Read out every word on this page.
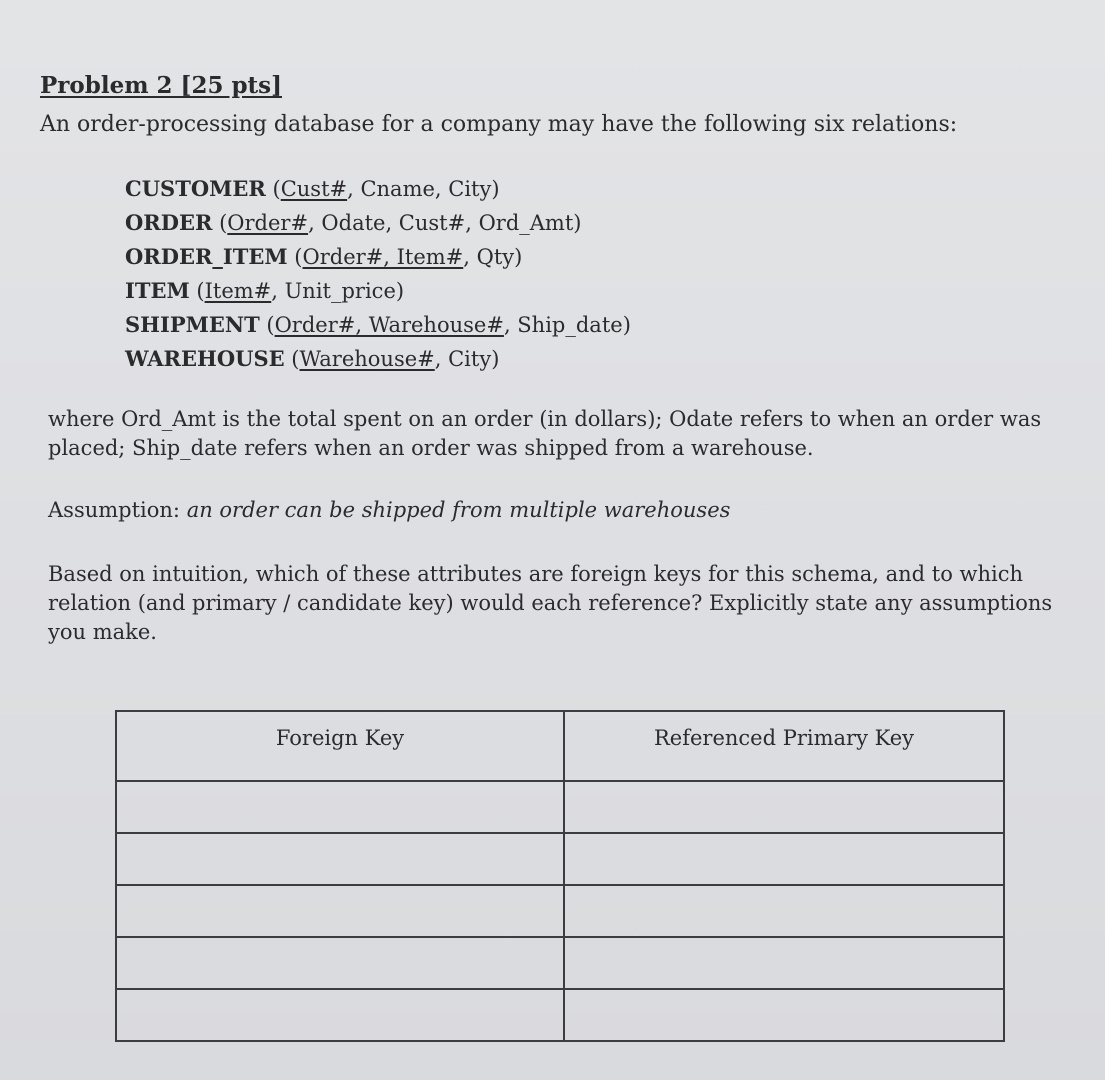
Problem 2 [25 pts]

An order-processing database for a company may have the following six relations:

CUSTOMER (Cust#, Cname, City)
ORDER (Order#, Odate, Cust#, Ord_Amt)
ORDER_ITEM (Order#, Item#, Qty)
ITEM (Item#, Unit_price)
SHIPMENT (Order#, Warehouse#, Ship_date)
WAREHOUSE (Warehouse#, City)

where Ord_Amt is the total spent on an order (in dollars); Odate refers to when an order was placed; Ship_date refers when an order was shipped from a warehouse.

Assumption: an order can be shipped from multiple warehouses

Based on intuition, which of these attributes are foreign keys for this schema, and to which relation (and primary / candidate key) would each reference? Explicitly state any assumptions you make.

Foreign Key	Referenced Primary Key
